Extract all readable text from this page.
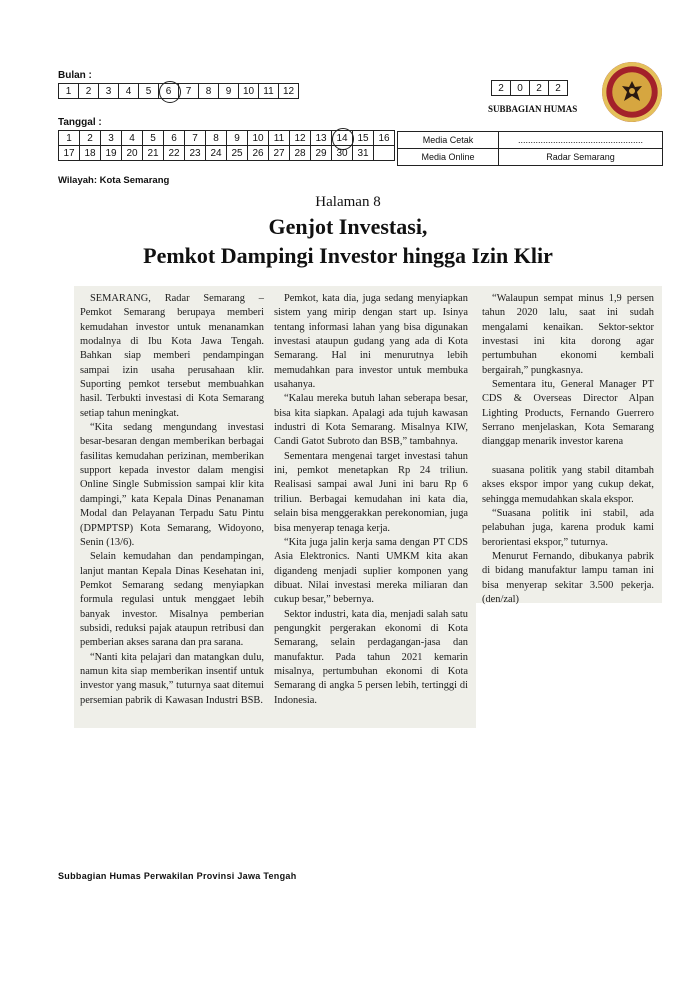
Bulan :
1	2	3	4	5	6	7	8	9	10	11	12
Tanggal :
1	2	3	4	5	6	7	8	9	10	11	12	13	14	15	16
17	18	19	20	21	22	23	24	25	26	27	28	29	30	31	
2	0	2	2
SUBBAGIAN HUMAS
Media Cetak	..................................................
Media Online	Radar Semarang
Wilayah: Kota Semarang
Halaman 8
Genjot Investasi,
Pemkot Dampingi Investor hingga Izin Klir

SEMARANG, Radar Semarang – Pemkot Semarang berupaya memberi kemudahan investor untuk menanamkan modalnya di Ibu Kota Jawa Tengah. Bahkan siap memberi pendampingan sampai izin usaha perusahaan klir. Suporting pemkot tersebut membuahkan hasil. Terbukti investasi di Kota Semarang setiap tahun meningkat.

“Kita sedang mengundang investasi besar-besaran dengan memberikan berbagai fasilitas kemudahan perizinan, memberikan support kepada investor dalam mengisi Online Single Submission sampai klir kita dampingi,” kata Kepala Dinas Penanaman Modal dan Pelayanan Terpadu Satu Pintu (DPMPTSP) Kota Semarang, Widoyono, Senin (13/6).

Selain kemudahan dan pendampingan, lanjut mantan Kepala Dinas Kesehatan ini, Pemkot Semarang sedang menyiapkan formula regulasi untuk menggaet lebih banyak investor. Misalnya pemberian subsidi, reduksi pajak ataupun retribusi dan pemberian akses sarana dan pra sarana.

“Nanti kita pelajari dan matangkan dulu, namun kita siap memberikan insentif untuk investor yang masuk,” tuturnya saat ditemui persemian pabrik di Kawasan Industri BSB.

Pemkot, kata dia, juga sedang menyiapkan sistem yang mirip dengan start up. Isinya tentang informasi lahan yang bisa digunakan investasi ataupun gudang yang ada di Kota Semarang. Hal ini menurutnya lebih memudahkan para investor untuk membuka usahanya.

“Kalau mereka butuh lahan seberapa besar, bisa kita siapkan. Apalagi ada tujuh kawasan industri di Kota Semarang. Misalnya KIW, Candi Gatot Subroto dan BSB,” tambahnya.

Sementara mengenai target investasi tahun ini, pemkot menetapkan Rp 24 triliun. Realisasi sampai awal Juni ini baru Rp 6 triliun. Berbagai kemudahan ini kata dia, selain bisa menggerakkan perekonomian, juga bisa menyerap tenaga kerja.

“Kita juga jalin kerja sama dengan PT CDS Asia Elektronics. Nanti UMKM kita akan digandeng menjadi suplier komponen yang dibuat. Nilai investasi mereka miliaran dan cukup besar,” bebernya.

Sektor industri, kata dia, menjadi salah satu pengungkit pergerakan ekonomi di Kota Semarang, selain perdagangan-jasa dan manufaktur. Pada tahun 2021 kemarin misalnya, pertumbuhan ekonomi di Kota Semarang di angka 5 persen lebih, tertinggi di Indonesia.

“Walaupun sempat minus 1,9 persen tahun 2020 lalu, saat ini sudah mengalami kenaikan. Sektor-sektor investasi ini kita dorong agar pertumbuhan ekonomi kembali bergairah,” pungkasnya.

Sementara itu, General Manager PT CDS & Overseas Director Alpan Lighting Products, Fernando Guerrero Serrano menjelaskan, Kota Semarang dianggap menarik investor karena

suasana politik yang stabil ditambah akses ekspor impor yang cukup dekat, sehingga memudahkan skala ekspor.

“Suasana politik ini stabil, ada pelabuhan juga, karena produk kami berorientasi ekspor,” tuturnya.

Menurut Fernando, dibukanya pabrik di bidang manufaktur lampu taman ini bisa menyerap sekitar 3.500 pekerja. (den/zal)

Subbagian Humas Perwakilan Provinsi Jawa Tengah
